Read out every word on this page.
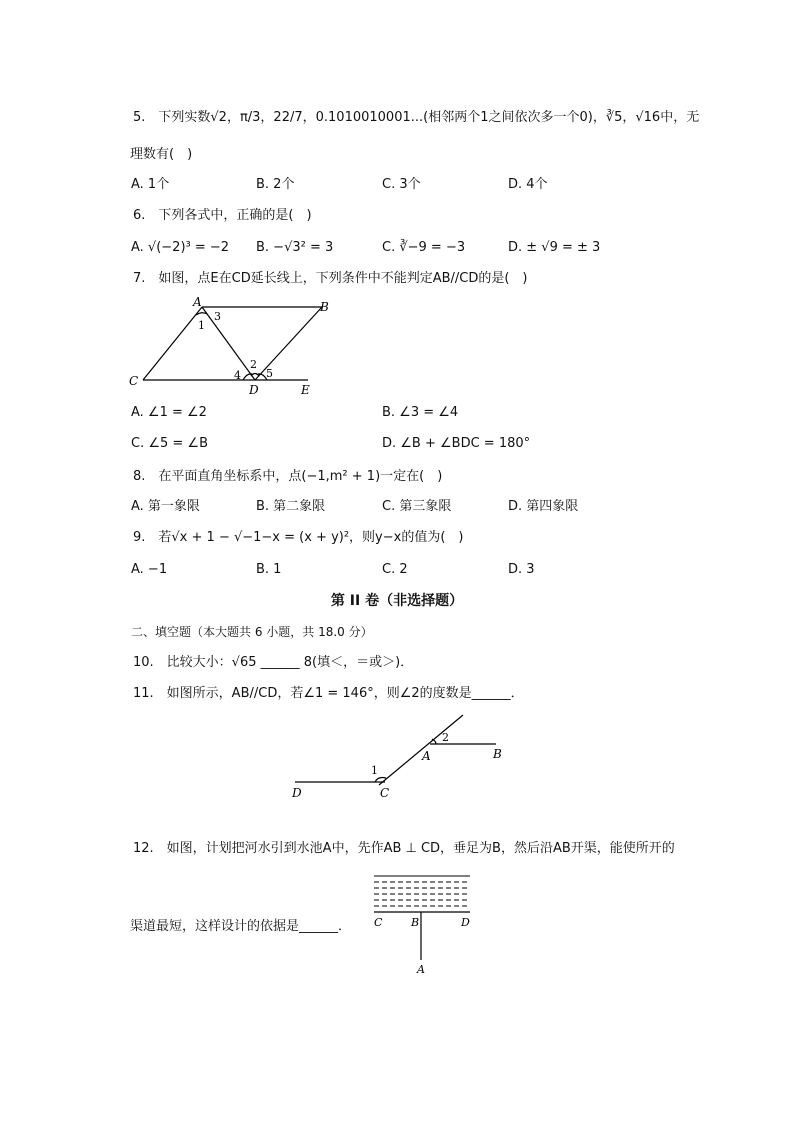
5.　下列实数√2，π/3，22/7，0.1010010001...(相邻两个1之间依次多一个0)，∛5，√16中，无
理数有(　)
A. 1个	B. 2个	C. 3个	D. 4个
6.　下列各式中，正确的是(　)
A. √(−2)³ = −2 B. −√3² = 3	C. ∛−9 = −3	D. ± √9 = ± 3
7.　如图，点E在CD延长线上，下列条件中不能判定AB//CD的是(　)
A	B
C
D	E
1
3
2
4 5
A. ∠1 = ∠2	B. ∠3 = ∠4
C. ∠5 = ∠B	D. ∠B + ∠BDC = 180°
8.　在平面直角坐标系中，点(−1,m² + 1)一定在(　)
A. 第一象限	B. 第二象限	C. 第三象限	D. 第四象限
9.　若√x + 1 − √−1−x = (x + y)²，则y−x的值为(　)
A. −1	B. 1	C. 2	D. 3
第 II 卷（非选择题）
二、填空题（本大题共 6 小题，共 18.0 分）
10.　比较大小：√65 ______ 8(填＜，＝或＞)．
11.　如图所示，AB//CD，若∠1 = 146°，则∠2的度数是______．
1
2
A	B
C
D
12.　如图，计划把河水引到水池A中，先作AB ⊥ CD，垂足为B，然后沿AB开渠，能使所开的
C	B	D
A
渠道最短，这样设计的依据是______．
